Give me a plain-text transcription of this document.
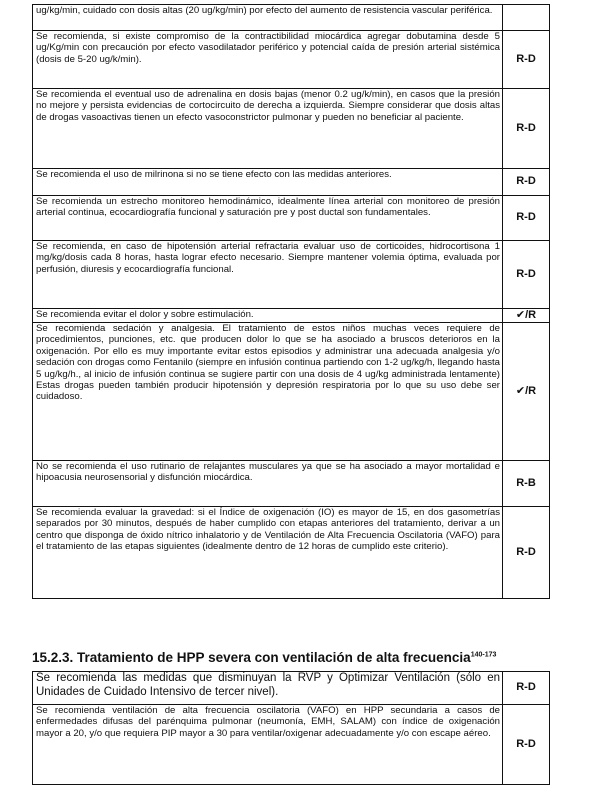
ug/kg/min, cuidado con dosis altas (20 ug/kg/min) por efecto del aumento de resistencia vascular periférica.	
Se recomienda, si existe compromiso de la contractibilidad miocárdica agregar dobutamina desde 5 ug/Kg/min con precaución por efecto vasodilatador periférico y potencial caída de presión arterial sistémica (dosis de 5-20 ug/k/min).	R-D
Se recomienda el eventual uso de adrenalina en dosis bajas (menor 0.2 ug/k/min), en casos que la presión no mejore y persista evidencias de cortocircuito de derecha a izquierda. Siempre considerar que dosis altas de drogas vasoactivas tienen un efecto vasoconstrictor pulmonar y pueden no beneficiar al paciente.	R-D
Se recomienda el uso de milrinona si no se tiene efecto con las medidas anteriores.	R-D
Se recomienda un estrecho monitoreo hemodinámico, idealmente línea arterial con monitoreo de presión arterial continua, ecocardiografía funcional y saturación pre y post ductal son fundamentales.	R-D
Se recomienda, en caso de hipotensión arterial refractaria evaluar uso de corticoides, hidrocortisona 1 mg/kg/dosis cada 8 horas, hasta lograr efecto necesario. Siempre mantener volemia óptima, evaluada por perfusión, diuresis y ecocardiografía funcional.	R-D
Se recomienda evitar el dolor y sobre estimulación.	✔/R
Se recomienda sedación y analgesia. El tratamiento de estos niños muchas veces requiere de procedimientos, punciones, etc. que producen dolor lo que se ha asociado a bruscos deterioros en la oxigenación. Por ello es muy importante evitar estos episodios y administrar una adecuada analgesia y/o sedación con drogas como Fentanilo (siempre en infusión continua partiendo con 1-2 ug/kg/h, llegando hasta 5 ug/kg/h., al inicio de infusión continua se sugiere partir con una dosis de 4 ug/kg administrada lentamente) Estas drogas pueden también producir hipotensión y depresión respiratoria por lo que su uso debe ser cuidadoso.	✔/R
No se recomienda el uso rutinario de relajantes musculares ya que se ha asociado a mayor mortalidad e hipoacusia neurosensorial y disfunción miocárdica.	R-B
Se recomienda evaluar la gravedad: si el Índice de oxigenación (IO) es mayor de 15, en dos gasometrías separados por 30 minutos, después de haber cumplido con etapas anteriores del tratamiento, derivar a un centro que disponga de óxido nítrico inhalatorio y de Ventilación de Alta Frecuencia Oscilatoria (VAFO) para el tratamiento de las etapas siguientes (idealmente dentro de 12 horas de cumplido este criterio).	R-D
15.2.3. Tratamiento de HPP severa con ventilación de alta frecuencia$^{140-173}$
Se recomienda las medidas que disminuyan la RVP y Optimizar Ventilación (sólo en Unidades de Cuidado Intensivo de tercer nivel).	R-D
Se recomienda ventilación de alta frecuencia oscilatoria (VAFO) en HPP secundaria a casos de enfermedades difusas del parénquima pulmonar (neumonía, EMH, SALAM) con índice de oxigenación mayor a 20, y/o que requiera PIP mayor a 30 para ventilar/oxigenar adecuadamente y/o con escape aéreo.	R-D
